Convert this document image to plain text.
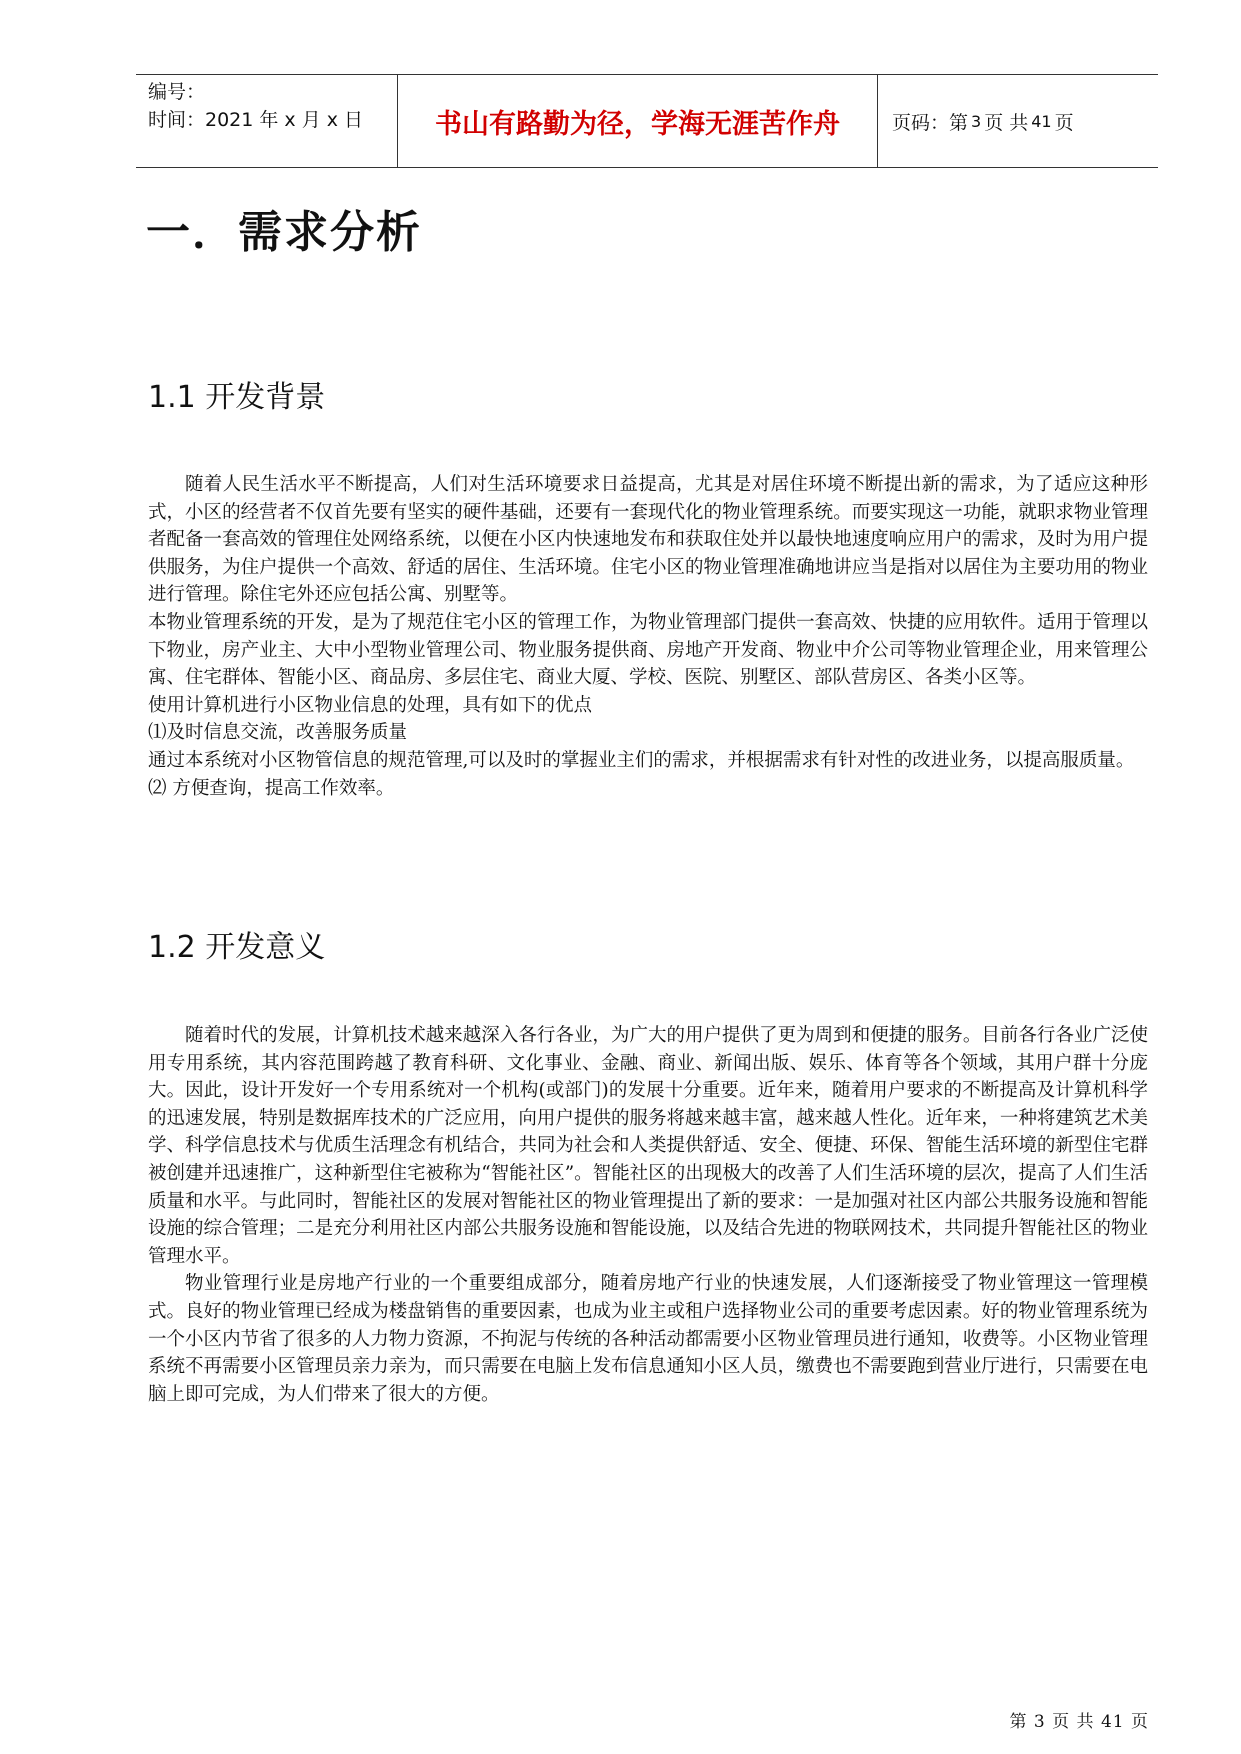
编号：
时间：2021 年 x 月 x 日	书山有路勤为径，学海无涯苦作舟	页码：第 3 页 共 41 页
一．需求分析
1.1 开发背景

随着人民生活水平不断提高，人们对生活环境要求日益提高，尤其是对居住环境不断提出新的需求，为了适应这种形式，小区的经营者不仅首先要有坚实的硬件基础，还要有一套现代化的物业管理系统。而要实现这一功能，就职求物业管理者配备一套高效的管理住处网络系统，以便在小区内快速地发布和获取住处并以最快地速度响应用户的需求，及时为用户提供服务，为住户提供一个高效、舒适的居住、生活环境。住宅小区的物业管理准确地讲应当是指对以居住为主要功用的物业进行管理。除住宅外还应包括公寓、别墅等。

本物业管理系统的开发，是为了规范住宅小区的管理工作，为物业管理部门提供一套高效、快捷的应用软件。适用于管理以下物业，房产业主、大中小型物业管理公司、物业服务提供商、房地产开发商、物业中介公司等物业管理企业，用来管理公寓、住宅群体、智能小区、商品房、多层住宅、商业大厦、学校、医院、别墅区、部队营房区、各类小区等。

使用计算机进行小区物业信息的处理，具有如下的优点

⑴及时信息交流，改善服务质量

通过本系统对小区物管信息的规范管理,可以及时的掌握业主们的需求，并根据需求有针对性的改进业务，以提高服质量。

⑵ 方便查询，提高工作效率。

1.2 开发意义

随着时代的发展，计算机技术越来越深入各行各业，为广大的用户提供了更为周到和便捷的服务。目前各行各业广泛使用专用系统，其内容范围跨越了教育科研、文化事业、金融、商业、新闻出版、娱乐、体育等各个领域，其用户群十分庞大。因此，设计开发好一个专用系统对一个机构(或部门)的发展十分重要。近年来，随着用户要求的不断提高及计算机科学的迅速发展，特别是数据库技术的广泛应用，向用户提供的服务将越来越丰富，越来越人性化。近年来，一种将建筑艺术美学、科学信息技术与优质生活理念有机结合，共同为社会和人类提供舒适、安全、便捷、环保、智能生活环境的新型住宅群被创建并迅速推广，这种新型住宅被称为“智能社区”。智能社区的出现极大的改善了人们生活环境的层次，提高了人们生活质量和水平。与此同时，智能社区的发展对智能社区的物业管理提出了新的要求：一是加强对社区内部公共服务设施和智能设施的综合管理；二是充分利用社区内部公共服务设施和智能设施，以及结合先进的物联网技术，共同提升智能社区的物业管理水平。

物业管理行业是房地产行业的一个重要组成部分，随着房地产行业的快速发展，人们逐渐接受了物业管理这一管理模式。良好的物业管理已经成为楼盘销售的重要因素，也成为业主或租户选择物业公司的重要考虑因素。好的物业管理系统为一个小区内节省了很多的人力物力资源，不拘泥与传统的各种活动都需要小区物业管理员进行通知，收费等。小区物业管理系统不再需要小区管理员亲力亲为，而只需要在电脑上发布信息通知小区人员，缴费也不需要跑到营业厅进行，只需要在电脑上即可完成，为人们带来了很大的方便。

第 3 页 共 41 页
